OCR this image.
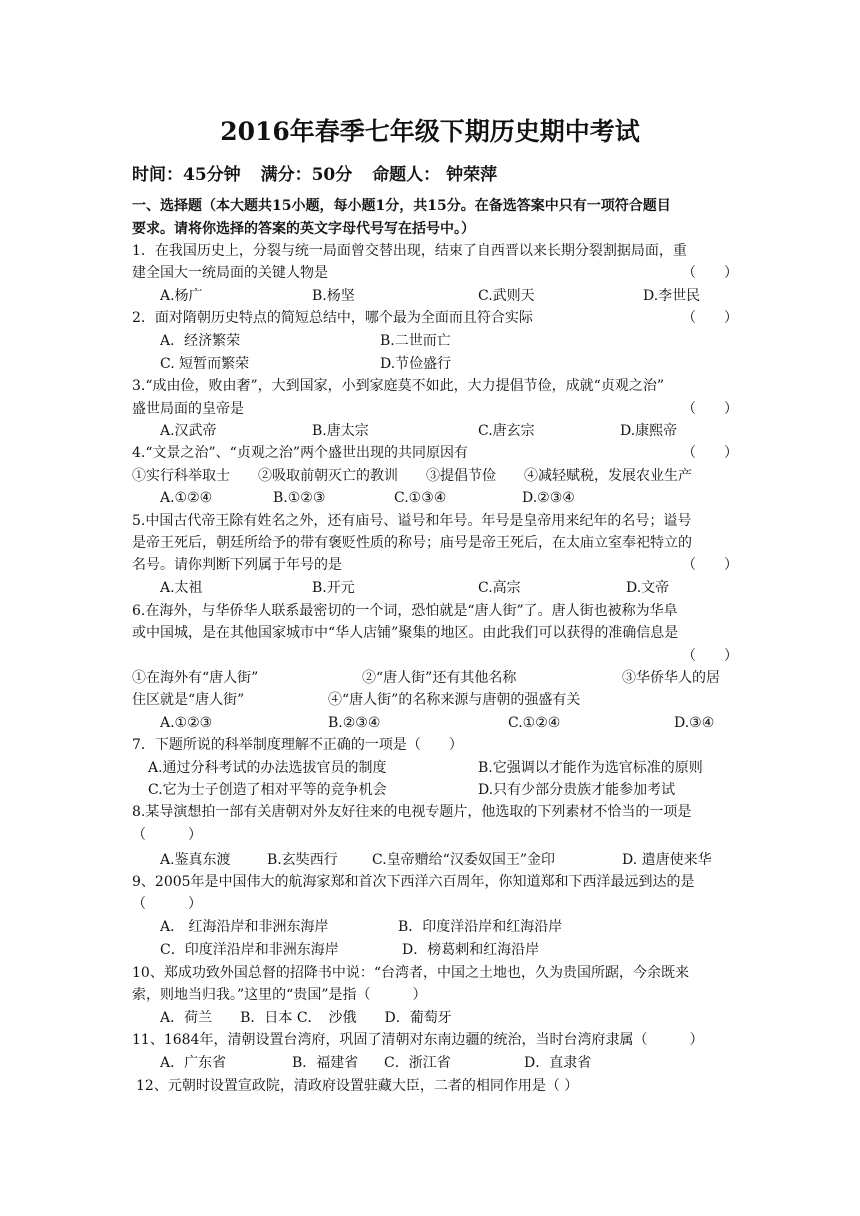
2016年春季七年级下期历史期中考试
时间：45分钟 满分：50分 命题人： 钟荣萍
一、选择题（本大题共15小题，每小题1分，共15分。在备选答案中只有一项符合题目
要求。请将你选择的答案的英文字母代号写在括号中。）
1．在我国历史上，分裂与统一局面曾交替出现，结束了自西晋以来长期分裂割据局面，重
建全国大一统局面的关键人物是	（　　）
A.杨广	B.杨坚	C.武则天	D.李世民
2．面对隋朝历史特点的简短总结中，哪个最为全面而且符合实际	（　　）
A．经济繁荣	B.二世而亡
C. 短暂而繁荣	D.节俭盛行
3.“成由俭，败由奢”，大到国家，小到家庭莫不如此，大力提倡节俭，成就“贞观之治”
盛世局面的皇帝是	（　　）
A.汉武帝	B.唐太宗	C.唐玄宗	D.康熙帝
4.“文景之治”、“贞观之治”两个盛世出现的共同原因有	（　　）
①实行科举取士　　②吸取前朝灭亡的教训　　③提倡节俭　　④减轻赋税，发展农业生产
A.①②④	B.①②③	C.①③④	D.②③④
5.中国古代帝王除有姓名之外，还有庙号、谥号和年号。年号是皇帝用来纪年的名号；谥号
是帝王死后，朝廷所给予的带有褒贬性质的称号；庙号是帝王死后，在太庙立室奉祀特立的
名号。请你判断下列属于年号的是	（　　）
A.太祖	B.开元	C.高宗	D.文帝
6.在海外，与华侨华人联系最密切的一个词，恐怕就是“唐人街”了。唐人街也被称为华阜
或中国城，是在其他国家城市中“华人店铺”聚集的地区。由此我们可以获得的准确信息是
（　　）
①在海外有“唐人街”	②“唐人街”还有其他名称	③华侨华人的居
住区就是“唐人街”	④“唐人街”的名称来源与唐朝的强盛有关
A.①②③	B.②③④	C.①②④	D.③④
7．下题所说的科举制度理解不正确的一项是（　　）
A.通过分科考试的办法选拔官员的制度	B.它强调以才能作为选官标准的原则
C.它为士子创造了相对平等的竞争机会	D.只有少部分贵族才能参加考试
8.某导演想拍一部有关唐朝对外友好往来的电视专题片，他选取的下列素材不恰当的一项是
（　　　）
A.鉴真东渡	B.玄奘西行 C.皇帝赠给“汉委奴国王”金印	D. 遣唐使来华
9、2005年是中国伟大的航海家郑和首次下西洋六百周年，你知道郑和下西洋最远到达的是
（　　　）
A． 红海沿岸和非洲东海岸	B．印度洋沿岸和红海沿岸
C．印度洋沿岸和非洲东海岸	D．榜葛剌和红海沿岸
10、郑成功致外国总督的招降书中说：“台湾者，中国之土地也，久为贵国所踞，今余既来
索，则地当归我。”这里的“贵国”是指（　　　）
A．荷兰　　B．日本 C．　沙俄　　D．葡萄牙
11、1684年，清朝设置台湾府，巩固了清朝对东南边疆的统治，当时台湾府隶属（　　　）
A．广东省	B．福建省 C．浙江省	D．直隶省
12、元朝时设置宣政院，清政府设置驻藏大臣，二者的相同作用是（ ）
